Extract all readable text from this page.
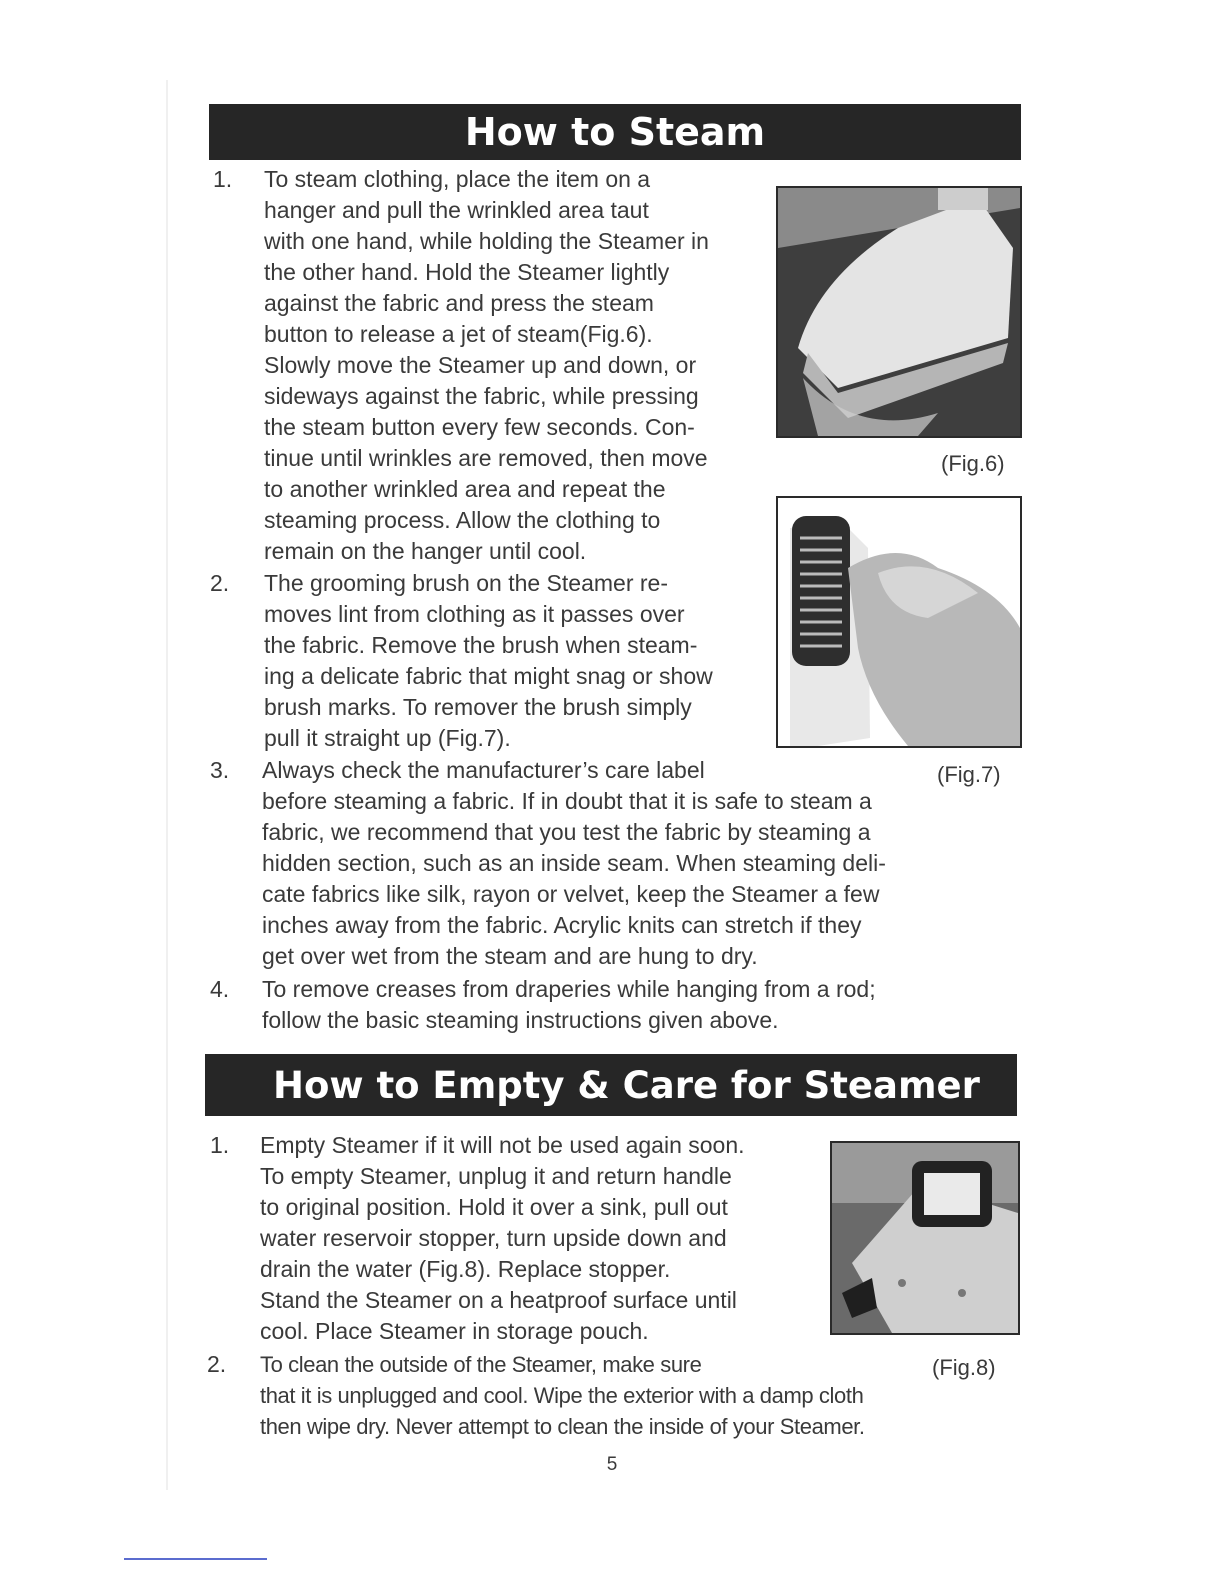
How to Steam
1. To steam clothing, place the item on a
hanger and pull the wrinkled area taut
with one hand, while holding the Steamer in
the other hand. Hold the Steamer lightly
against the fabric and press the steam
button to release a jet of steam(Fig.6).
Slowly move the Steamer up and down, or
sideways against the fabric, while pressing
the steam button every few seconds. Con-
tinue until wrinkles are removed, then move
to another wrinkled area and repeat the
steaming process. Allow the clothing to
remain on the hanger until cool.
2. The grooming brush on the Steamer re-
moves lint from clothing as it passes over
the fabric. Remove the brush when steam-
ing a delicate fabric that might snag or show
brush marks. To remover the brush simply
pull it straight up (Fig.7).
3. Always check the manufacturer’s care label
before steaming a fabric. If in doubt that it is safe to steam a
fabric, we recommend that you test the fabric by steaming a
hidden section, such as an inside seam. When steaming deli-
cate fabrics like silk, rayon or velvet, keep the Steamer a few
inches away from the fabric. Acrylic knits can stretch if they
get over wet from the steam and are hung to dry.
4. To remove creases from draperies while hanging from a rod;
follow the basic steaming instructions given above.
(Fig.6)
(Fig.7)
How to Empty & Care for Steamer
1. Empty Steamer if it will not be used again soon.
To empty Steamer, unplug it and return handle
to original position. Hold it over a sink, pull out
water reservoir stopper, turn upside down and
drain the water (Fig.8). Replace stopper.
Stand the Steamer on a heatproof surface until
cool. Place Steamer in storage pouch.
2. To clean the outside of the Steamer, make sure
that it is unplugged and cool. Wipe the exterior with a damp cloth
then wipe dry. Never attempt to clean the inside of your Steamer.
(Fig.8)
5
